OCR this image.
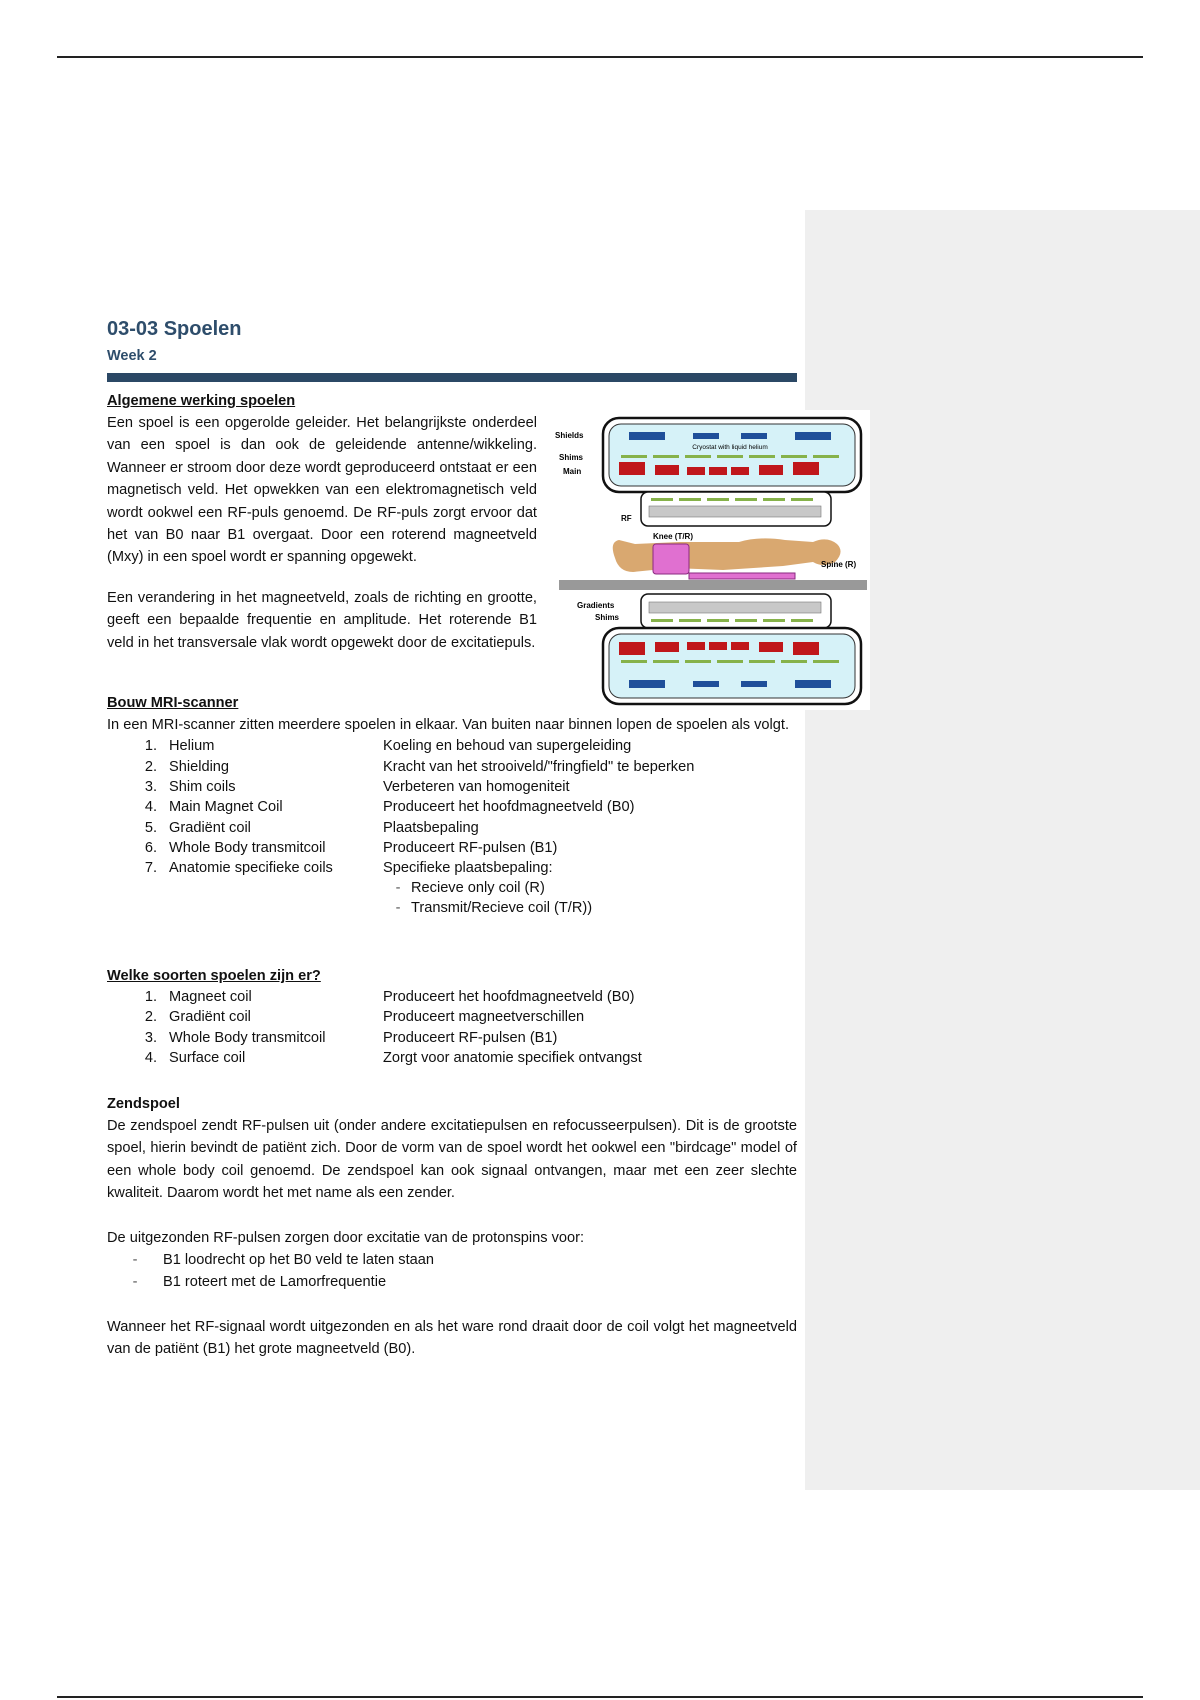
03-03 Spoelen
Week 2

Algemene werking spoelen

Een spoel is een opgerolde geleider. Het belangrijkste onderdeel van een spoel is dan ook de geleidende antenne/wikkeling. Wanneer er stroom door deze wordt geproduceerd ontstaat er een magnetisch veld. Het opwekken van een elektromagnetisch veld wordt ookwel een RF-puls genoemd. De RF-puls zorgt ervoor dat het van B0 naar B1 overgaat. Door een roterend magneetveld (Mxy) in een spoel wordt er spanning opgewekt.

Een verandering in het magneetveld, zoals de richting en grootte, geeft een bepaalde frequentie en amplitude. Het roterende B1 veld in het transversale vlak wordt opgewekt door de excitatiepuls.

Cryostat with liquid helium
Shields
Shims
Main
RF
Knee (T/R)
Spine (R)
Gradients
Shims

Bouw MRI-scanner

In een MRI-scanner zitten meerdere spoelen in elkaar. Van buiten naar binnen lopen de spoelen als volgt.

1. Helium	Koeling en behoud van supergeleiding
2. Shielding	Kracht van het strooiveld/"fringfield" te beperken
3. Shim coils	Verbeteren van homogeniteit
4. Main Magnet Coil	Produceert het hoofdmagneetveld (B0)
5. Gradiënt coil	Plaatsbepaling
6. Whole Body transmitcoil	Produceert RF-pulsen (B1)
7. Anatomie specifieke coils	Specifieke plaatsbepaling:
- Recieve only coil (R)
- Transmit/Recieve coil (T/R))

Welke soorten spoelen zijn er?

1. Magneet coil	Produceert het hoofdmagneetveld (B0)
2. Gradiënt coil	Produceert magneetverschillen
3. Whole Body transmitcoil	Produceert RF-pulsen (B1)
4. Surface coil	Zorgt voor anatomie specifiek ontvangst

Zendspoel

De zendspoel zendt RF-pulsen uit (onder andere excitatiepulsen en refocusseerpulsen). Dit is de grootste spoel, hierin bevindt de patiënt zich. Door de vorm van de spoel wordt het ookwel een "birdcage" model of een whole body coil genoemd. De zendspoel kan ook signaal ontvangen, maar met een zeer slechte kwaliteit. Daarom wordt het met name als een zender.

De uitgezonden RF-pulsen zorgen door excitatie van de protonspins voor:

-	B1 loodrecht op het B0 veld te laten staan
-	B1 roteert met de Lamorfrequentie

Wanneer het RF-signaal wordt uitgezonden en als het ware rond draait door de coil volgt het magneetveld van de patiënt (B1) het grote magneetveld (B0).
